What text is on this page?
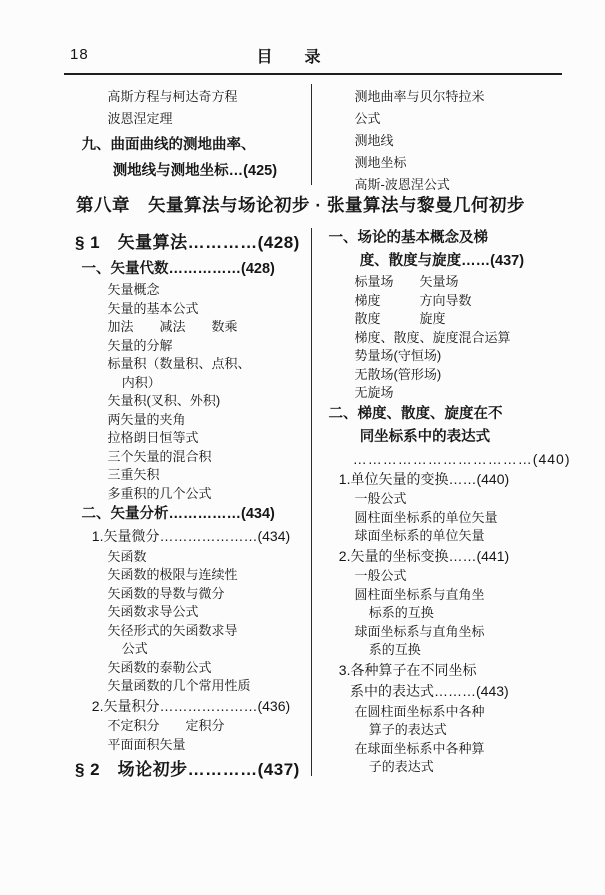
18	目　录
高斯方程与柯达奇方程
波恩涅定理
九、曲面曲线的测地曲率、
测地线与测地坐标…(425)
测地曲率与贝尔特拉米
公式
测地线
测地坐标
高斯-波恩涅公式
第八章　矢量算法与场论初步 · 张量算法与黎曼几何初步
§ 1　矢量算法…………(428)
一、矢量代数……………(428)
矢量概念
矢量的基本公式
加法　　减法　　数乘
矢量的分解
标量积（数量积、点积、
内积）
矢量积(叉积、外积)
两矢量的夹角
拉格朗日恒等式
三个矢量的混合积
三重矢积
多重积的几个公式
二、矢量分析……………(434)
1.矢量微分…………………(434)
矢函数
矢函数的极限与连续性
矢函数的导数与微分
矢函数求导公式
矢径形式的矢函数求导
公式
矢函数的泰勒公式
矢量函数的几个常用性质
2.矢量积分…………………(436)
不定积分　　定积分
平面面积矢量
§ 2　场论初步…………(437)
一、场论的基本概念及梯
度、散度与旋度……(437)
标量场　　矢量场
梯度　　　方向导数
散度　　　旋度
梯度、散度、旋度混合运算
势量场(守恒场)
无散场(管形场)
无旋场
二、梯度、散度、旋度在不
同坐标系中的表达式
………………………………(440)
1.单位矢量的变换……(440)
一般公式
圆柱面坐标系的单位矢量
球面坐标系的单位矢量
2.矢量的坐标变换……(441)
一般公式
圆柱面坐标系与直角坐
标系的互换
球面坐标系与直角坐标
系的互换
3.各种算子在不同坐标
系中的表达式………(443)
在圆柱面坐标系中各种
算子的表达式
在球面坐标系中各种算
子的表达式
